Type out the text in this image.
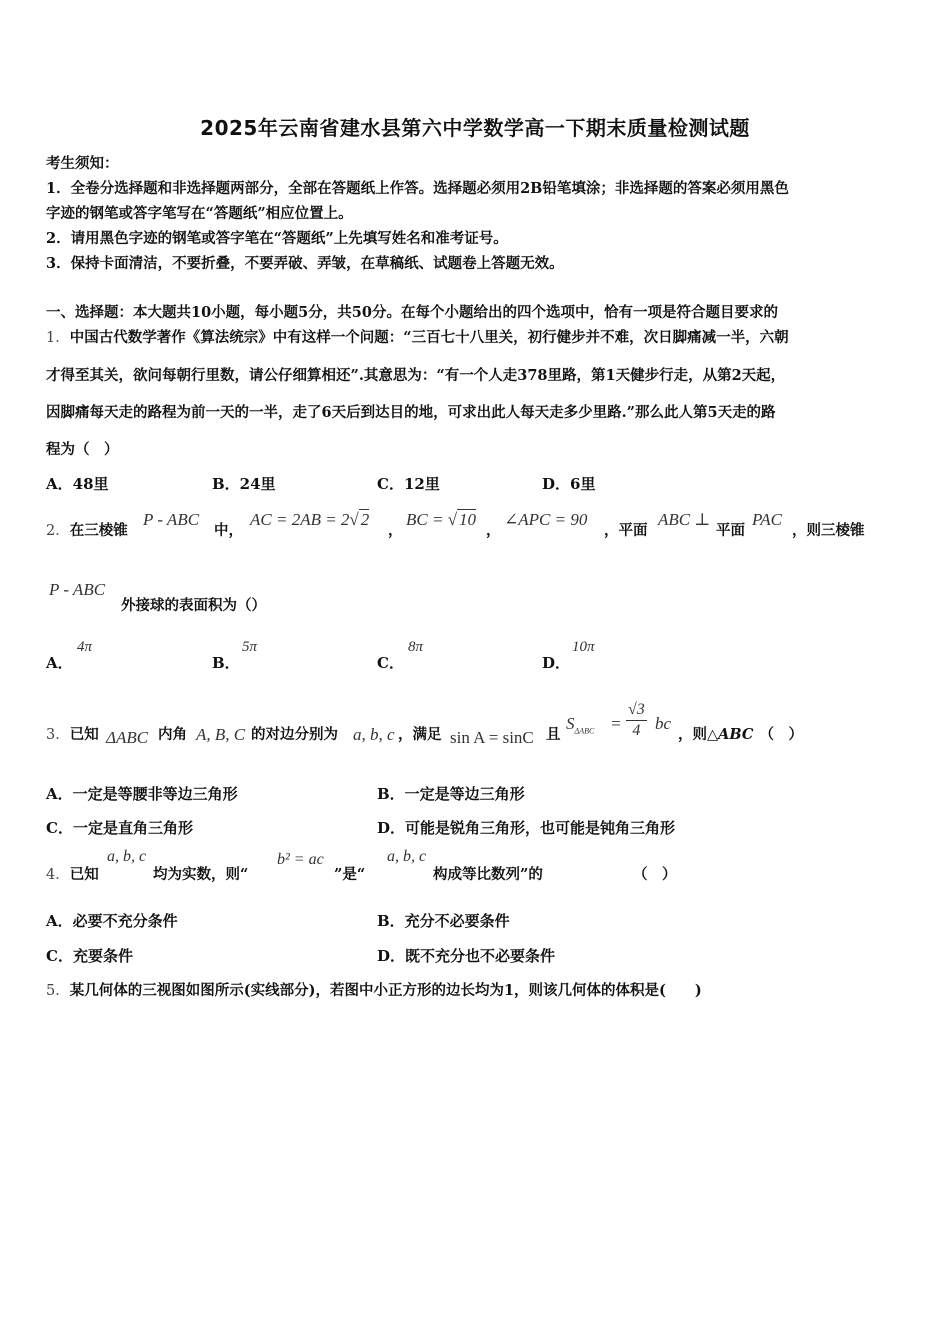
2025年云南省建水县第六中学数学高一下期末质量检测试题
考生须知：
1．全卷分选择题和非选择题两部分，全部在答题纸上作答。选择题必须用2B铅笔填涂；非选择题的答案必须用黑色
字迹的钢笔或答字笔写在“答题纸”相应位置上。
2．请用黑色字迹的钢笔或答字笔在“答题纸”上先填写姓名和准考证号。
3．保持卡面清洁，不要折叠，不要弄破、弄皱，在草稿纸、试题卷上答题无效。
一、选择题：本大题共10小题，每小题5分，共50分。在每个小题给出的四个选项中，恰有一项是符合题目要求的
1．中国古代数学著作《算法统宗》中有这样一个问题：“三百七十八里关，初行健步并不难，次日脚痛减一半，六朝
才得至其关，欲问每朝行里数，请公仔细算相还”.其意思为：“有一个人走378里路，第1天健步行走，从第2天起，
因脚痛每天走的路程为前一天的一半，走了6天后到达目的地，可求出此人每天走多少里路.”那么此人第5天走的路
程为（　）
A．48里	B．24里	C．12里	D．6里
2．在三棱锥
P - ABC
中，
AC = 2AB = 2√ 2
，
BC = √ 10
，
∠APC = 90
，平面
ABC ⊥
平面
PAC
，则三棱锥
P - ABC
外接球的表面积为（）
A．
4π
B．
5π
C．
8π
D．
10π
3．已知 ΔABC 内角 A, B, C 的对边分别为 a, b, c ，满足 sin A = sinC 且
$S_{\Delta ABC} = \frac{√3}{4}$ bc
，则△ABC （　）
A．一定是等腰非等边三角形	B．一定是等边三角形
C．一定是直角三角形	D．可能是锐角三角形，也可能是钝角三角形
4．已知
a, b, c
均为实数，则“
b² = ac
”是“
a, b, c
构成等比数列”的	（　）
A．必要不充分条件	B．充分不必要条件
C．充要条件	D．既不充分也不必要条件
5．某几何体的三视图如图所示(实线部分)，若图中小正方形的边长均为1，则该几何体的体积是(　　)
